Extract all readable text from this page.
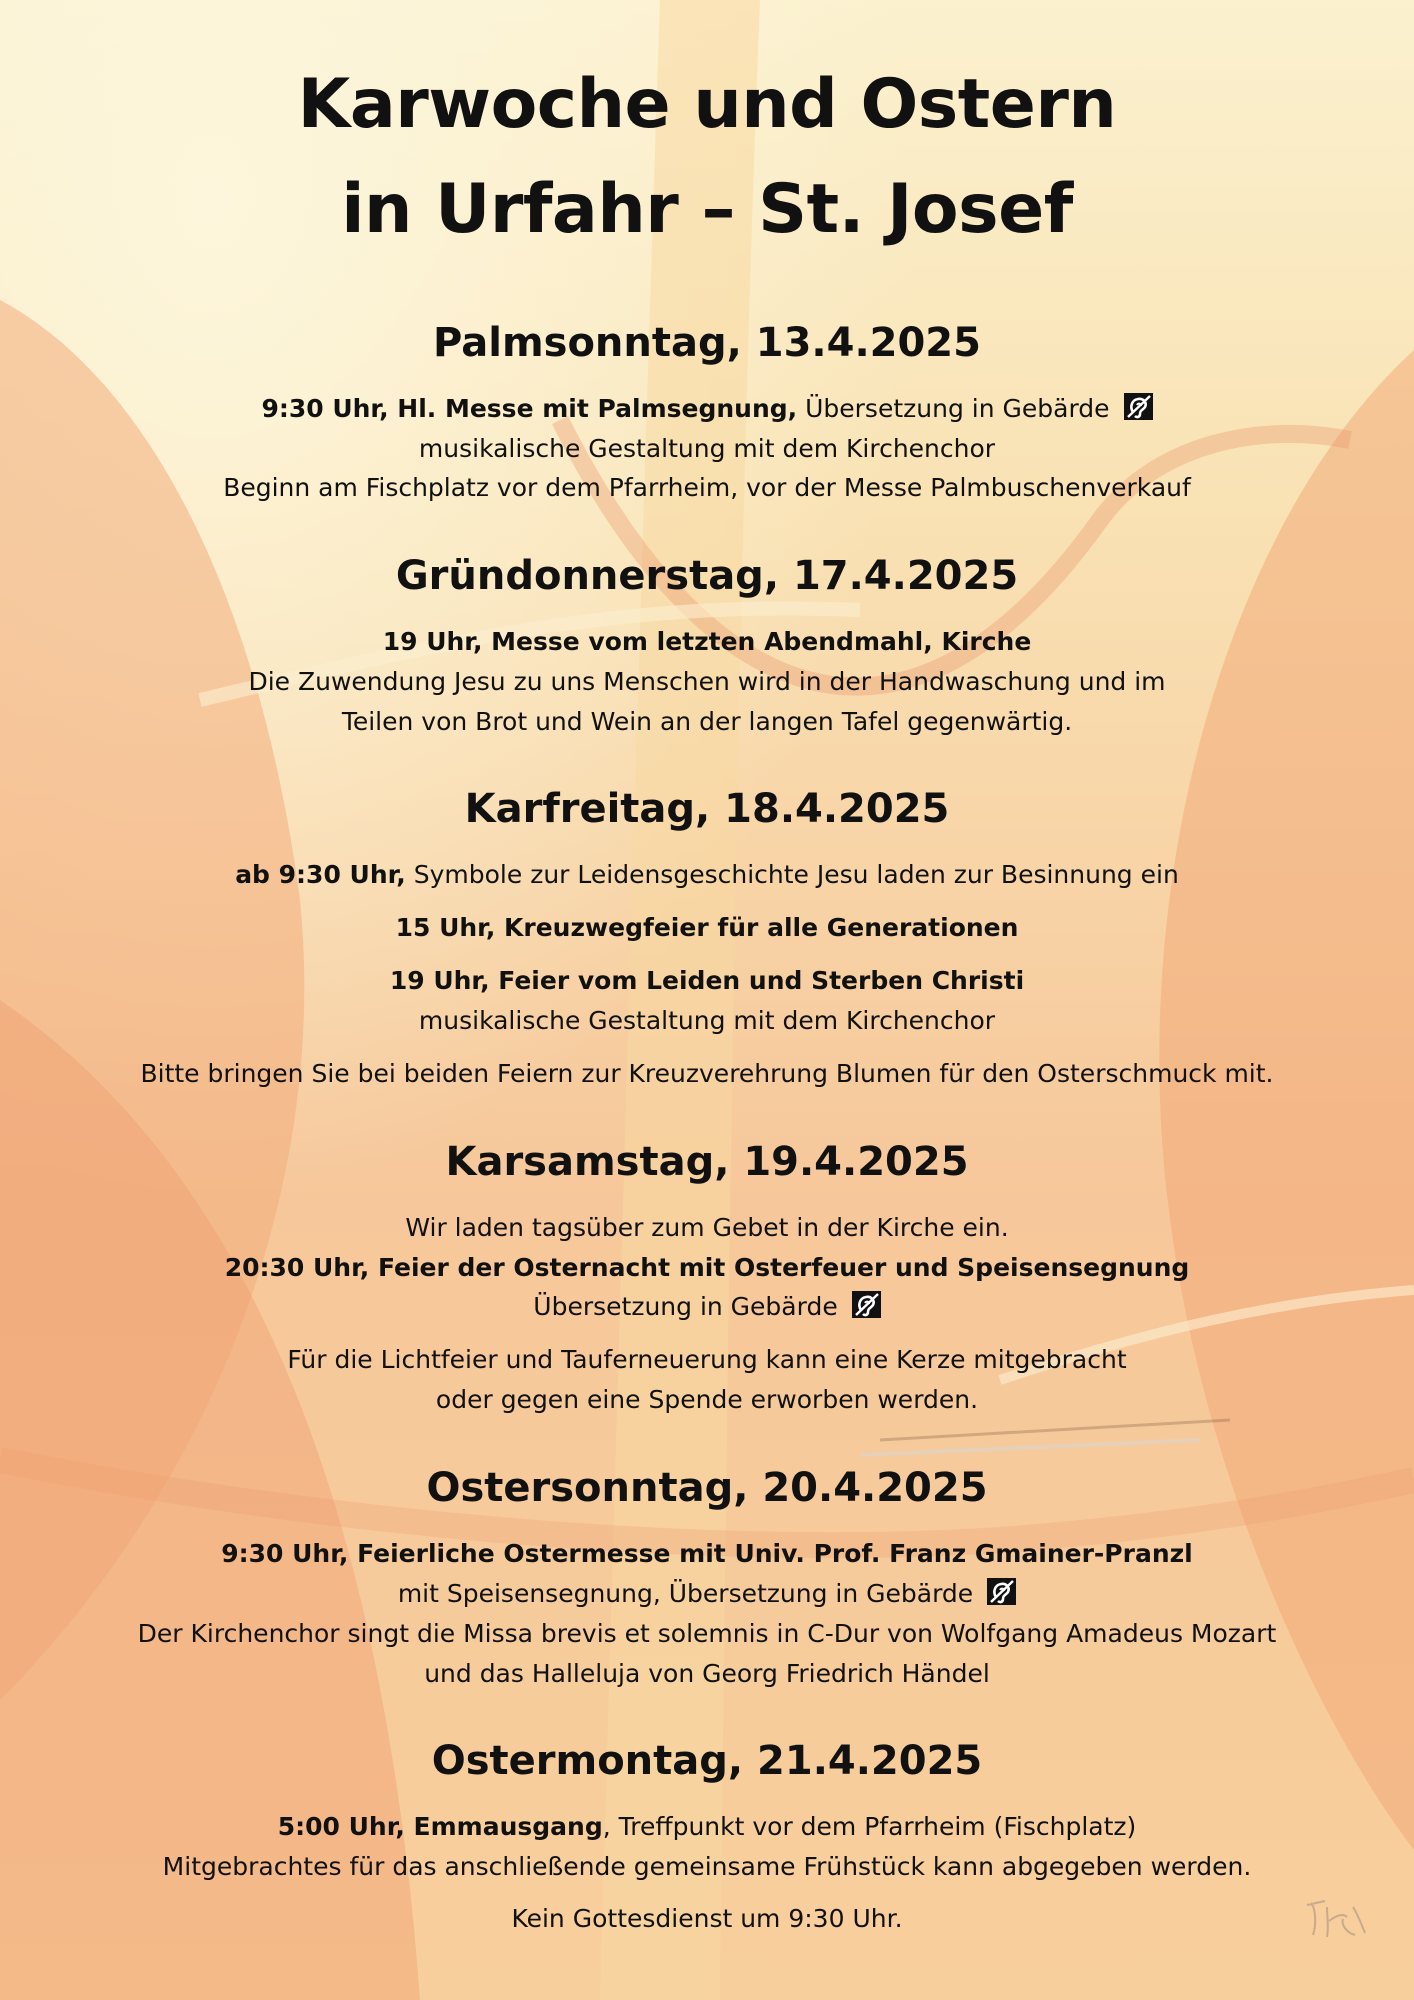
Karwoche und Ostern
in Urfahr – St. Josef
Palmsonntag, 13.4.2025
9:30 Uhr, Hl. Messe mit Palmsegnung, Übersetzung in Gebärde
musikalische Gestaltung mit dem Kirchenchor
Beginn am Fischplatz vor dem Pfarrheim, vor der Messe Palmbuschenverkauf
Gründonnerstag, 17.4.2025
19 Uhr, Messe vom letzten Abendmahl, Kirche
Die Zuwendung Jesu zu uns Menschen wird in der Handwaschung und im
Teilen von Brot und Wein an der langen Tafel gegenwärtig.
Karfreitag, 18.4.2025
ab 9:30 Uhr, Symbole zur Leidensgeschichte Jesu laden zur Besinnung ein
15 Uhr, Kreuzwegfeier für alle Generationen
19 Uhr, Feier vom Leiden und Sterben Christi
musikalische Gestaltung mit dem Kirchenchor
Bitte bringen Sie bei beiden Feiern zur Kreuzverehrung Blumen für den Osterschmuck mit.
Karsamstag, 19.4.2025
Wir laden tagsüber zum Gebet in der Kirche ein.
20:30 Uhr, Feier der Osternacht mit Osterfeuer und Speisensegnung
Übersetzung in Gebärde
Für die Lichtfeier und Tauferneuerung kann eine Kerze mitgebracht
oder gegen eine Spende erworben werden.
Ostersonntag, 20.4.2025
9:30 Uhr, Feierliche Ostermesse mit Univ. Prof. Franz Gmainer-Pranzl
mit Speisensegnung, Übersetzung in Gebärde
Der Kirchenchor singt die Missa brevis et solemnis in C-Dur von Wolfgang Amadeus Mozart
und das Halleluja von Georg Friedrich Händel
Ostermontag, 21.4.2025
5:00 Uhr, Emmausgang, Treffpunkt vor dem Pfarrheim (Fischplatz)
Mitgebrachtes für das anschließende gemeinsame Frühstück kann abgegeben werden.
Kein Gottesdienst um 9:30 Uhr.
